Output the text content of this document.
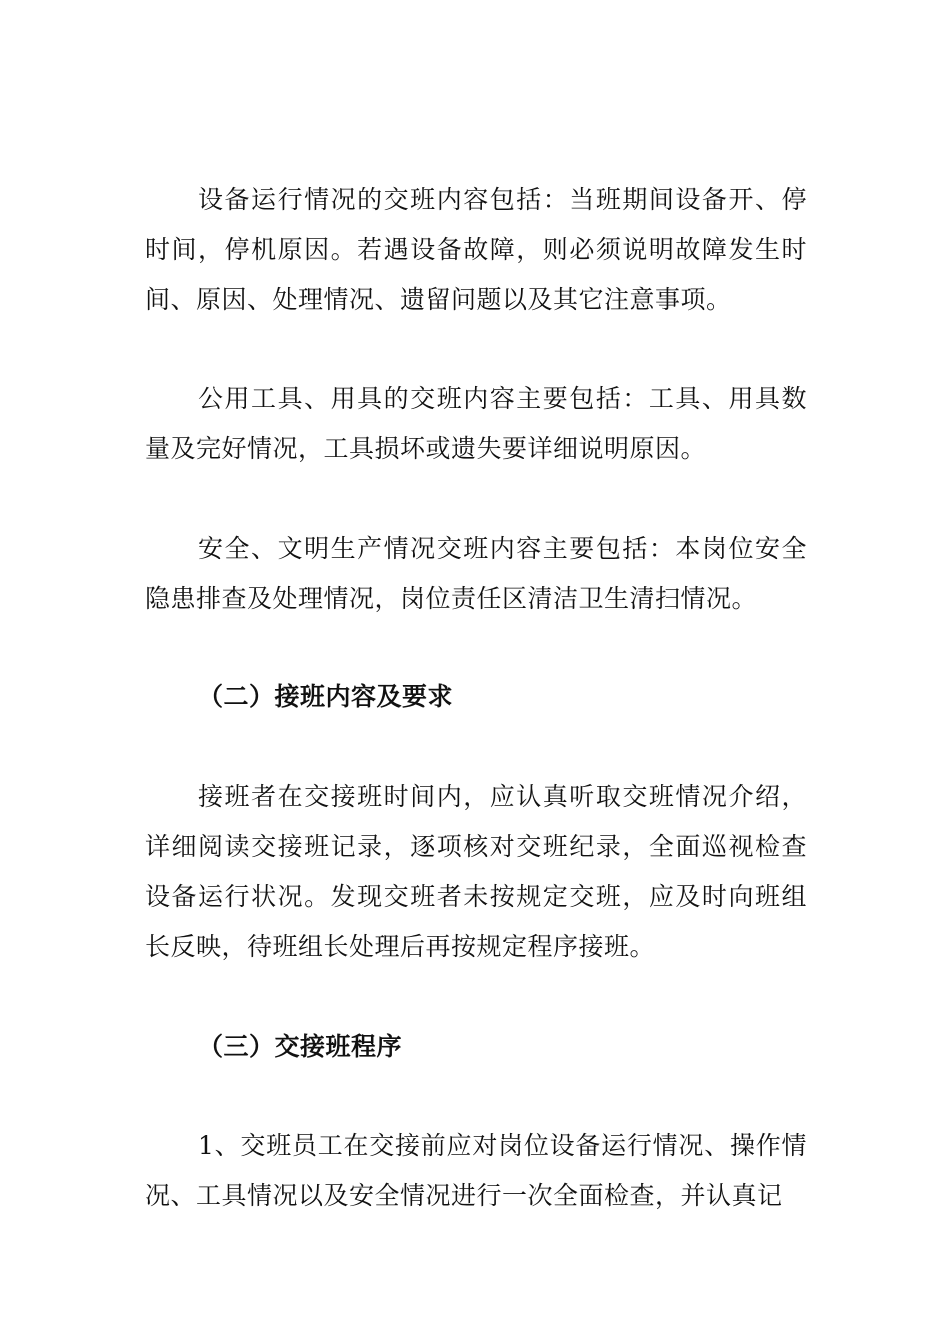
设备运行情况的交班内容包括：当班期间设备开、停时间，停机原因。若遇设备故障，则必须说明故障发生时间、原因、处理情况、遗留问题以及其它注意事项。

公用工具、用具的交班内容主要包括：工具、用具数量及完好情况，工具损坏或遗失要详细说明原因。

安全、文明生产情况交班内容主要包括：本岗位安全隐患排查及处理情况，岗位责任区清洁卫生清扫情况。

（二）接班内容及要求

接班者在交接班时间内，应认真听取交班情况介绍，详细阅读交接班记录，逐项核对交班纪录，全面巡视检查设备运行状况。发现交班者未按规定交班，应及时向班组长反映，待班组长处理后再按规定程序接班。

（三）交接班程序

1、交班员工在交接前应对岗位设备运行情况、操作情况、工具情况以及安全情况进行一次全面检查，并认真记
